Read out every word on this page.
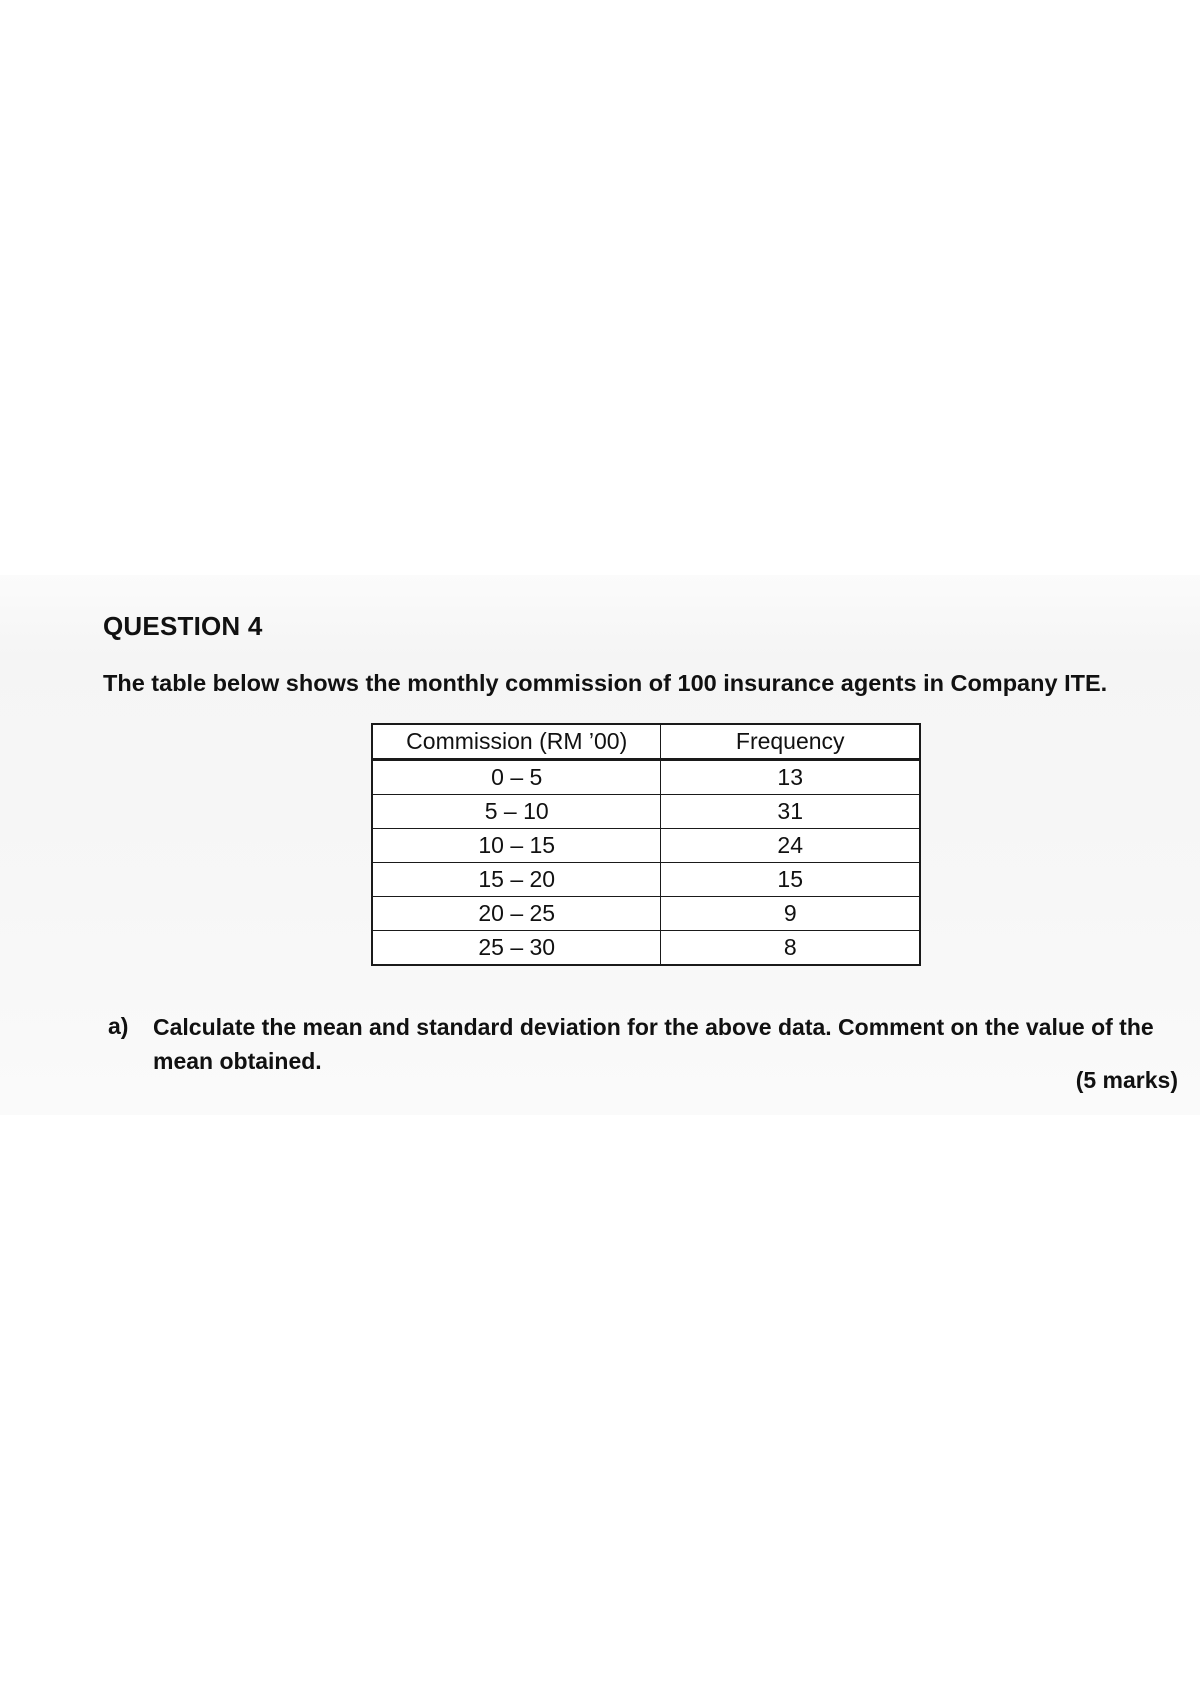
QUESTION 4
The table below shows the monthly commission of 100 insurance agents in Company ITE.
Commission (RM ’00)	Frequency
0 – 5	13
5 – 10	31
10 – 15	24
15 – 20	15
20 – 25	9
25 – 30	8
a) Calculate the mean and standard deviation for the above data. Comment on the value of the mean obtained.
(5 marks)
